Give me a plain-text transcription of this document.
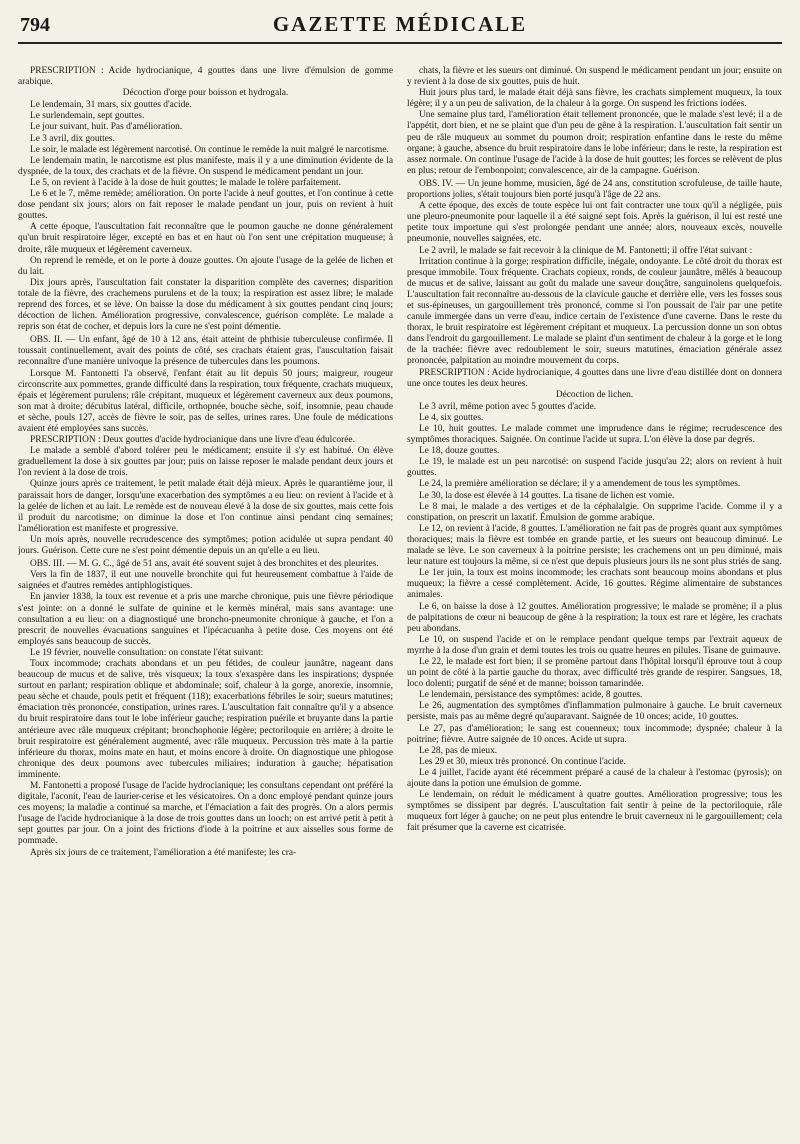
794	GAZETTE MÉDICALE

PRESCRIPTION : Acide hydrocianique, 4 gouttes dans une livre d'émulsion de gomme arabique.

Décoction d'orge pour boisson et hydrogala.

Le lendemain, 31 mars, six gouttes d'acide.

Le surlendemain, sept gouttes.

Le jour suivant, huit. Pas d'amélioration.

Le 3 avril, dix gouttes.

Le soir, le malade est légèrement narcotisé. On continue le remède la nuit malgré le narcotisme.

Le lendemain matin, le narcotisme est plus manifeste, mais il y a une diminution évidente de la dyspnée, de la toux, des crachats et de la fièvre. On suspend le médicament pendant un jour.

Le 5, on revient à l'acide à la dose de huit gouttes; le malade le tolère parfaitement.

Le 6 et le 7, même remède; amélioration. On porte l'acide à neuf gouttes, et l'on continue à cette dose pendant six jours; alors on fait reposer le malade pendant un jour, puis on revient à huit gouttes.

A cette époque, l'auscultation fait reconnaître que le poumon gauche ne donne généralement qu'un bruit respiratoire léger, excepté en bas et en haut où l'on sent une crépitation muqueuse; à droite, râle muqueux et légèrement caverneux.

On reprend le remède, et on le porte à douze gouttes. On ajoute l'usage de la gelée de lichen et du lait.

Dix jours après, l'auscultation fait constater la disparition complète des cavernes; disparition totale de la fièvre, des crachemens purulens et de la toux; la respiration est assez libre; le malade reprend des forces, et se lève. On baisse la dose du médicament à six gouttes pendant cinq jours; décoction de lichen. Amélioration progressive, convalescence, guérison complète. Le malade a repris son état de cocher, et depuis lors la cure ne s'est point démentie.

OBS. II. — Un enfant, âgé de 10 à 12 ans, était atteint de phthisie tuberculeuse confirmée. Il toussait continuellement, avait des points de côté, ses crachats étaient gras, l'auscultation faisait reconnaître d'une manière univoque la présence de tubercules dans les poumons.

Lorsque M. Fantonetti l'a observé, l'enfant était au lit depuis 50 jours; maigreur, rougeur circonscrite aux pommettes, grande difficulté dans la respiration, toux fréquente, crachats muqueux, épais et légèrement purulens; râle crépitant, muqueux et légèrement caverneux aux deux poumons, son mat à droite; décubitus latéral, difficile, orthopnée, bouche sèche, soif, insomnie, peau chaude et sèche, pouls 127, accès de fièvre le soir, pas de selles, urines rares. Une foule de médications avaient été employées sans succès.

PRESCRIPTION : Deux gouttes d'acide hydrocianique dans une livre d'eau édulcorée.

Le malade a semblé d'abord tolérer peu le médicament; ensuite il s'y est habitué. On élève graduellement la dose à six gouttes par jour; puis on laisse reposer le malade pendant deux jours et l'on revient à la dose de trois.

Quinze jours après ce traitement, le petit malade était déjà mieux. Après le quarantième jour, il paraissait hors de danger, lorsqu'une exacerbation des symptômes a eu lieu: on revient à l'acide et à la gelée de lichen et au lait. Le remède est de nouveau élevé à la dose de six gouttes, mais cette fois il produit du narcotisme; on diminue la dose et l'on continue ainsi pendant cinq semaines; l'amélioration est manifeste et progressive.

Un mois après, nouvelle recrudescence des symptômes; potion acidulée ut supra pendant 40 jours. Guérison. Cette cure ne s'est point démentie depuis un an qu'elle a eu lieu.

OBS. III. — M. G. C., âgé de 51 ans, avait été souvent sujet à des bronchites et des pleurites.

Vers la fin de 1837, il eut une nouvelle bronchite qui fut heureusement combattue à l'aide de saignées et d'autres remèdes antiphlogistiques.

En janvier 1838, la toux est revenue et a pris une marche chronique, puis une fièvre périodique s'est jointe: on a donné le sulfate de quinine et le kermès minéral, mais sans avantage: une consultation a eu lieu: on a diagnostiqué une broncho-pneumonite chronique à gauche, et l'on a prescrit de nouvelles évacuations sanguines et l'ipécacuanha à petite dose. Ces moyens ont été employés sans beaucoup de succès.

Le 19 février, nouvelle consultation: on constate l'état suivant:

Toux incommode; crachats abondans et un peu fétides, de couleur jaunâtre, nageant dans beaucoup de mucus et de salive, très visqueux; la toux s'exaspère dans les inspirations; dyspnée surtout en parlant; respiration oblique et abdominale; soif, chaleur à la gorge, anorexie, insomnie, peau sèche et chaude, pouls petit et fréquent (118); exacerbations fébriles le soir; sueurs matutines; émaciation très prononcée, constipation, urines rares. L'auscultation fait connaître qu'il y a absence du bruit respiratoire dans tout le lobe inférieur gauche; respiration puérile et bruyante dans la partie antérieure avec râle muqueux crépitant; bronchophonie légère; pectoriloquie en arrière; à droite le bruit respiratoire est généralement augmenté, avec râle muqueux. Percussion très mate à la partie inférieure du thorax, moins mate en haut, et moins encore à droite. On diagnostique une phlogose chronique des deux poumons avec tubercules miliaires; induration à gauche; hépatisation imminente.

M. Fantonetti a proposé l'usage de l'acide hydrocianique; les consultans cependant ont préféré la digitale, l'aconit, l'eau de laurier-cerise et les vésicatoires. On a donc employé pendant quinze jours ces moyens; la maladie a continué sa marche, et l'émaciation a fait des progrès. On a alors permis l'usage de l'acide hydrocianique à la dose de trois gouttes dans un looch; on est arrivé petit à petit à sept gouttes par jour. On a joint des frictions d'iode à la poitrine et aux aisselles sous forme de pommade.

Après six jours de ce traitement, l'amélioration a été manifeste; les cra-

chats, la fièvre et les sueurs ont diminué. On suspend le médicament pendant un jour; ensuite on y revient à la dose de six gouttes, puis de huit.

Huit jours plus tard, le malade était déjà sans fièvre, les crachats simplement muqueux, la toux légère; il y a un peu de salivation, de la chaleur à la gorge. On suspend les frictions iodées.

Une semaine plus tard, l'amélioration était tellement prononcée, que le malade s'est levé; il a de l'appétit, dort bien, et ne se plaint que d'un peu de gêne à la respiration. L'auscultation fait sentir un peu de râle muqueux au sommet du poumon droit; respiration enfantine dans le reste du même organe; à gauche, absence du bruit respiratoire dans le lobe inférieur; dans le reste, la respiration est assez normale. On continue l'usage de l'acide à la dose de huit gouttes; les forces se relèvent de plus en plus; retour de l'embonpoint; convalescence, air de la campagne. Guérison.

OBS. IV. — Un jeune homme, musicien, âgé de 24 ans, constitution scrofuleuse, de taille haute, proportions jolies, s'était toujours bien porté jusqu'à l'âge de 22 ans.

A cette époque, des excès de toute espèce lui ont fait contracter une toux qu'il a négligée, puis une pleuro-pneumonite pour laquelle il a été saigné sept fois. Après la guérison, il lui est resté une petite toux importune qui s'est prolongée pendant une année; alors, nouveaux excès, nouvelle pneumonie, nouvelles saignées, etc.

Le 2 avril, le malade se fait recevoir à la clinique de M. Fantonetti; il offre l'état suivant :

Irritation continue à la gorge; respiration difficile, inégale, ondoyante. Le côté droit du thorax est presque immobile. Toux fréquente. Crachats copieux, ronds, de couleur jaunâtre, mêlés à beaucoup de mucus et de salive, laissant au goût du malade une saveur douçâtre, sanguinolens quelquefois. L'auscultation fait reconnaître au-dessous de la clavicule gauche et derrière elle, vers les fosses sous et sus-épineuses, un gargouillement très prononcé, comme si l'on poussait de l'air par une petite canule immergée dans un verre d'eau, indice certain de l'existence d'une caverne. Dans le reste du thorax, le bruit respiratoire est légèrement crépitant et muqueux. La percussion donne un son obtus dans l'endroit du gargouillement. Le malade se plaint d'un sentiment de chaleur à la gorge et le long de la trachée: fièvre avec redoublement le soir, sueurs matutines, émaciation générale assez prononcée, palpitation au moindre mouvement du corps.

PRESCRIPTION : Acide hydrocianique, 4 gouttes dans une livre d'eau distillée dont on donnera une once toutes les deux heures.

Décoction de lichen.

Le 3 avril, même potion avec 5 gouttes d'acide.

Le 4, six gouttes.

Le 10, huit gouttes. Le malade commet une imprudence dans le régime; recrudescence des symptômes thoraciques. Saignée. On continue l'acide ut supra. L'on élève la dose par degrés.

Le 18, douze gouttes.

Le 19, le malade est un peu narcotisé: on suspend l'acide jusqu'au 22; alors on revient à huit gouttes.

Le 24, la première amélioration se déclare; il y a amendement de tous les symptômes.

Le 30, la dose est élevée à 14 gouttes. La tisane de lichen est vomie.

Le 8 mai, le malade a des vertiges et de la céphalalgie. On supprime l'acide. Comme il y a constipation, on prescrit un laxatif. Émulsion de gomme arabique.

Le 12, on revient à l'acide, 8 gouttes. L'amélioration ne fait pas de progrès quant aux symptômes thoraciques; mais la fièvre est tombée en grande partie, et les sueurs ont beaucoup diminué. Le malade se lève. Le son caverneux à la poitrine persiste; les crachemens ont un peu diminué, mais leur nature est toujours la même, si ce n'est que depuis plusieurs jours ils ne sont plus striés de sang.

Le 1er juin, la toux est moins incommode; les crachats sont beaucoup moins abondans et plus muqueux; la fièvre a cessé complètement. Acide, 16 gouttes. Régime alimentaire de substances animales.

Le 6, on baisse la dose à 12 gouttes. Amélioration progressive; le malade se promène; il a plus de palpitations de cœur ni beaucoup de gêne à la respiration; la toux est rare et légère, les crachats peu abondans.

Le 10, on suspend l'acide et on le remplace pendant quelque temps par l'extrait aqueux de myrrhe à la dose d'un grain et demi toutes les trois ou quatre heures en pilules. Tisane de guimauve.

Le 22, le malade est fort bien; il se promène partout dans l'hôpital lorsqu'il éprouve tout à coup un point de côté à la partie gauche du thorax, avec difficulté très grande de respirer. Sangsues, 18, loco dolenti; purgatif de séné et de manne; boisson tamarindée.

Le lendemain, persistance des symptômes: acide, 8 gouttes.

Le 26, augmentation des symptômes d'inflammation pulmonaire à gauche. Le bruit caverneux persiste, mais pas au même degré qu'auparavant. Saignée de 10 onces; acide, 10 gouttes.

Le 27, pas d'amélioration; le sang est couenneux; toux incommode; dyspnée; chaleur à la poitrine; fièvre. Autre saignée de 10 onces. Acide ut supra.

Le 28, pas de mieux.

Les 29 et 30, mieux très prononcé. On continue l'acide.

Le 4 juillet, l'acide ayant été récemment préparé a causé de la chaleur à l'estomac (pyrosis); on ajoute dans la potion une émulsion de gomme.

Le lendemain, on réduit le médicament à quatre gouttes. Amélioration progressive; tous les symptômes se dissipent par degrés. L'auscultation fait sentir à peine de la pectoriloquie, râle muqueux fort léger à gauche; on ne peut plus entendre le bruit caverneux ni le gargouillement; cela fait présumer que la caverne est cicatrisée.
